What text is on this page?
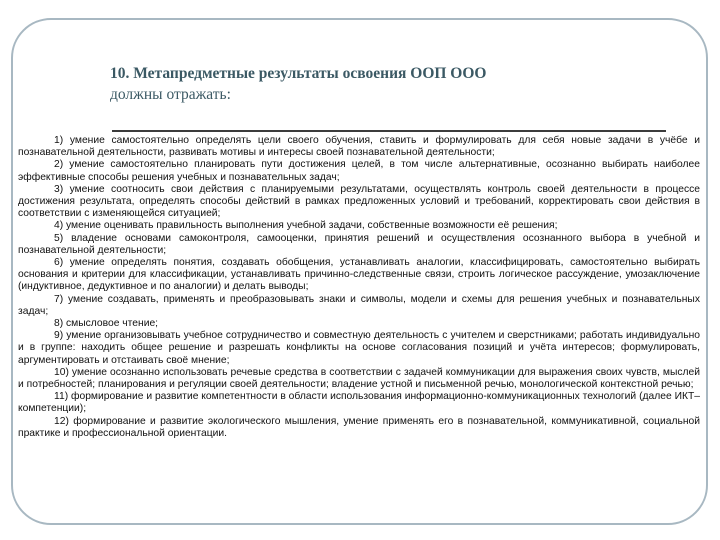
10. Метапредметные результаты освоения ООП ООО
должны отражать:

1) умение самостоятельно определять цели своего обучения, ставить и формулировать для себя новые задачи в учёбе и познавательной деятельности, развивать мотивы и интересы своей познавательной деятельности;

2) умение самостоятельно планировать пути достижения целей, в том числе альтернативные, осознанно выбирать наиболее эффективные способы решения учебных и познавательных задач;

3) умение соотносить свои действия с планируемыми результатами, осуществлять контроль своей деятельности в процессе достижения результата, определять способы действий в рамках предложенных условий и требований, корректировать свои действия в соответствии с изменяющейся ситуацией;

4) умение оценивать правильность выполнения учебной задачи, собственные возможности её решения;

5) владение основами самоконтроля, самооценки, принятия решений и осуществления осознанного выбора в учебной и познавательной деятельности;

6) умение определять понятия, создавать обобщения, устанавливать аналогии, классифицировать, самостоятельно выбирать основания и критерии для классификации, устанавливать причинно-следственные связи, строить логическое рассуждение, умозаключение (индуктивное, дедуктивное и по аналогии) и делать выводы;

7) умение создавать, применять и преобразовывать знаки и символы, модели и схемы для решения учебных и познавательных задач;

8) смысловое чтение;

9) умение организовывать учебное сотрудничество и совместную деятельность с учителем и сверстниками; работать индивидуально и в группе: находить общее решение и разрешать конфликты на основе согласования позиций и учёта интересов; формулировать, аргументировать и отстаивать своё мнение;

10) умение осознанно использовать речевые средства в соответствии с задачей коммуникации для выражения своих чувств, мыслей и потребностей; планирования и регуляции своей деятельности; владение устной и письменной речью, монологической контекстной речью;

11) формирование и развитие компетентности в области использования информационно-коммуникационных технологий (далее ИКТ– компетенции);

12) формирование и развитие экологического мышления, умение применять его в познавательной, коммуникативной, социальной практике и профессиональной ориентации.
